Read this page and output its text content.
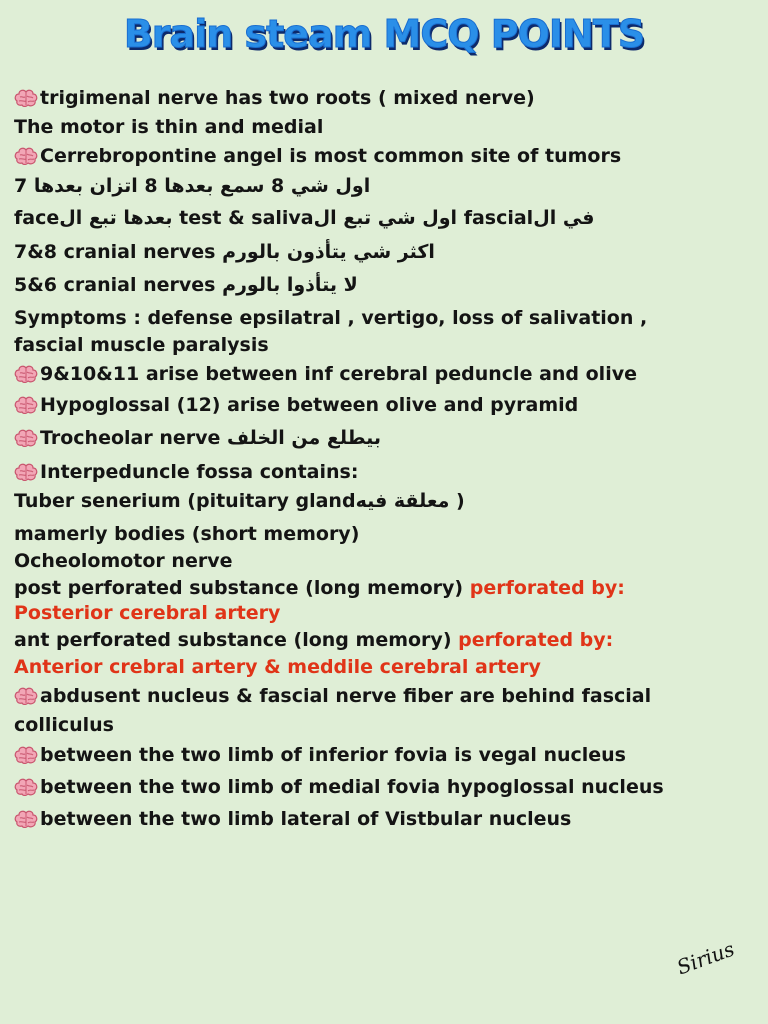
Brain steam MCQ POINTS
trigimenal nerve has two roots ( mixed nerve)
The motor is thin and medial
Cerrebropontine angel is most common site of tumors
اول شي 8 سمع بعدها 8 اتزان بعدها 7
في الfascial اول شي تبع الtest & saliva بعدها تبع الface
7&8 cranial nerves اكثر شي يتأذون بالورم
5&6 cranial nerves لا يتأذوا بالورم
Symptoms : defense epsilatral , vertigo, loss of salivation ,
fascial muscle paralysis
9&10&11 arise between inf cerebral peduncle and olive
Hypoglossal (12) arise between olive and pyramid
Trocheolar nerve بيطلع من الخلف
Interpeduncle fossa contains:
Tuber senerium (pituitary glandمعلقة فيه )
mamerly bodies (short memory)
Ocheolomotor nerve
post perforated substance (long memory) perforated by:
Posterior cerebral artery
ant perforated substance (long memory) perforated by:
Anterior crebral artery & meddile cerebral artery
abdusent nucleus & fascial nerve fiber are behind fascial
colliculus
between the two limb of inferior fovia is vegal nucleus
between the two limb of medial fovia hypoglossal nucleus
between the two limb lateral of Vistbular nucleus
Sirius
